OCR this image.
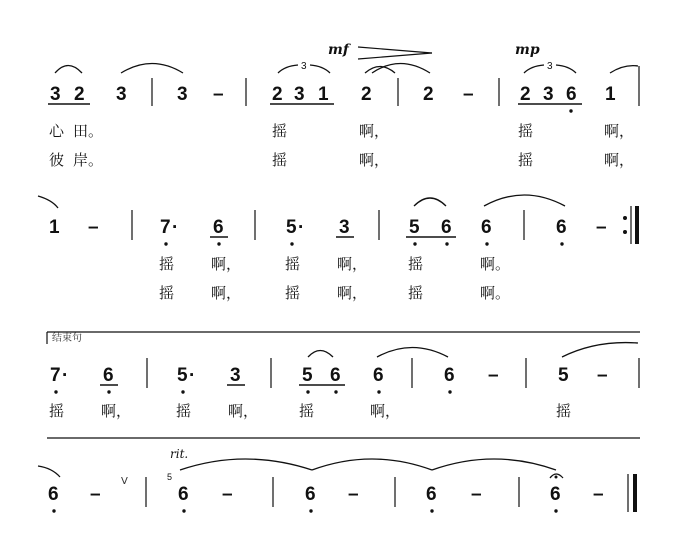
mf	mp
3	3
3 2 3	3 –	2 3 1 2	2 – 2 3 6 1
心 田。	摇	啊，	摇	啊，
彼 岸。	摇	啊，	摇	啊，
1 –	7 · 6	5 · 3	5 6 6	6 –
摇 啊，	摇 啊，	摇	啊。
摇 啊，	摇 啊，	摇	啊。
结束句
7 · 6	5 · 3	5 6 6	6 –	5 –
摇 啊，	摇 啊，	摇	啊，	摇
rit.
6 –
V	5
6 –	6 –	6 –	6 –
